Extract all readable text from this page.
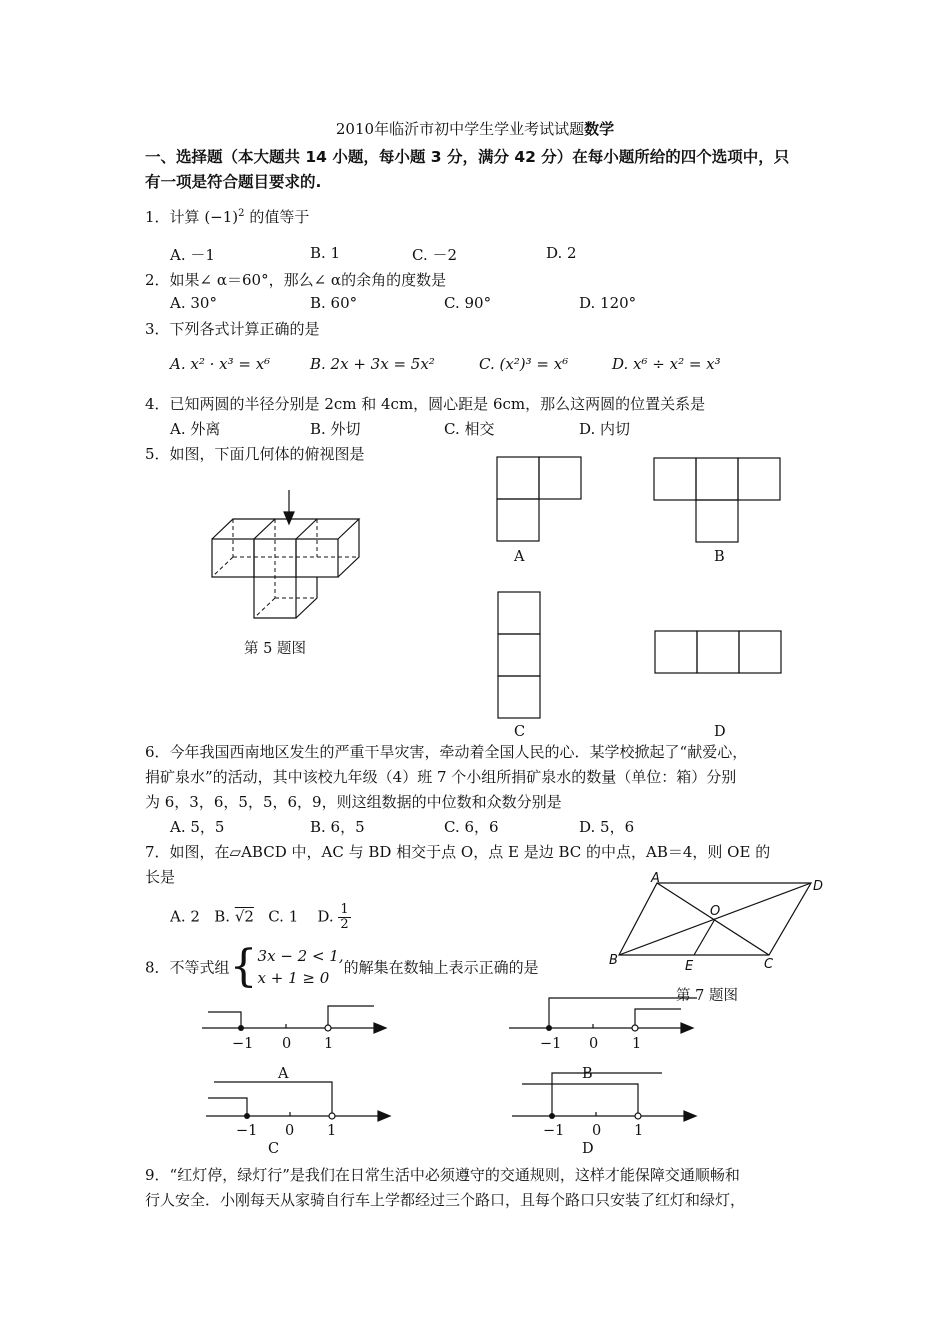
2010年临沂市初中学生学业考试试题数学
一、选择题（本大题共 14 小题，每小题 3 分，满分 42 分）在每小题所给的四个选项中，只
有一项是符合题目要求的.
1．计算 $(-1)^2$ 的值等于
A. －1	B. 1	C. －2	D. 2
2．如果∠ α＝60°，那么∠ α的余角的度数是
A. 30°	B. 60°	C. 90°	D. 120°
3．下列各式计算正确的是
A. x² · x³ = x⁶	B. 2x + 3x = 5x²	C. (x²)³ = x⁶	D. x⁶ ÷ x² = x³
4．已知两圆的半径分别是 2cm 和 4cm，圆心距是 6cm，那么这两圆的位置关系是
A. 外离	B. 外切	C. 相交	D. 内切
5．如图，下面几何体的俯视图是
第 5 题图
A	B
C	D
6．今年我国西南地区发生的严重干旱灾害，牵动着全国人民的心．某学校掀起了“献爱心，
捐矿泉水”的活动，其中该校九年级（4）班 7 个小组所捐矿泉水的数量（单位：箱）分别
为 6，3，6，5，5，6，9，则这组数据的中位数和众数分别是
A. 5，5	B. 6，5	C. 6，6	D. 5，6
7．如图，在▱ABCD 中，AC 与 BD 相交于点 O，点 E 是边 BC 的中点，AB＝4，则 OE 的
长是
A. 2 B. √2 C. 1 D. $\frac{1}{2}$
A
D
O
B	E	C
第 7 题图
8．不等式组{ 3x − 2 < 1,
x + 1 ≥ 0
的解集在数轴上表示正确的是
−1 0 1
A
−1 0 1
B
−1 0 1
C
−1 0 1
D
9．“红灯停，绿灯行”是我们在日常生活中必须遵守的交通规则，这样才能保障交通顺畅和
行人安全．小刚每天从家骑自行车上学都经过三个路口，且每个路口只安装了红灯和绿灯，
